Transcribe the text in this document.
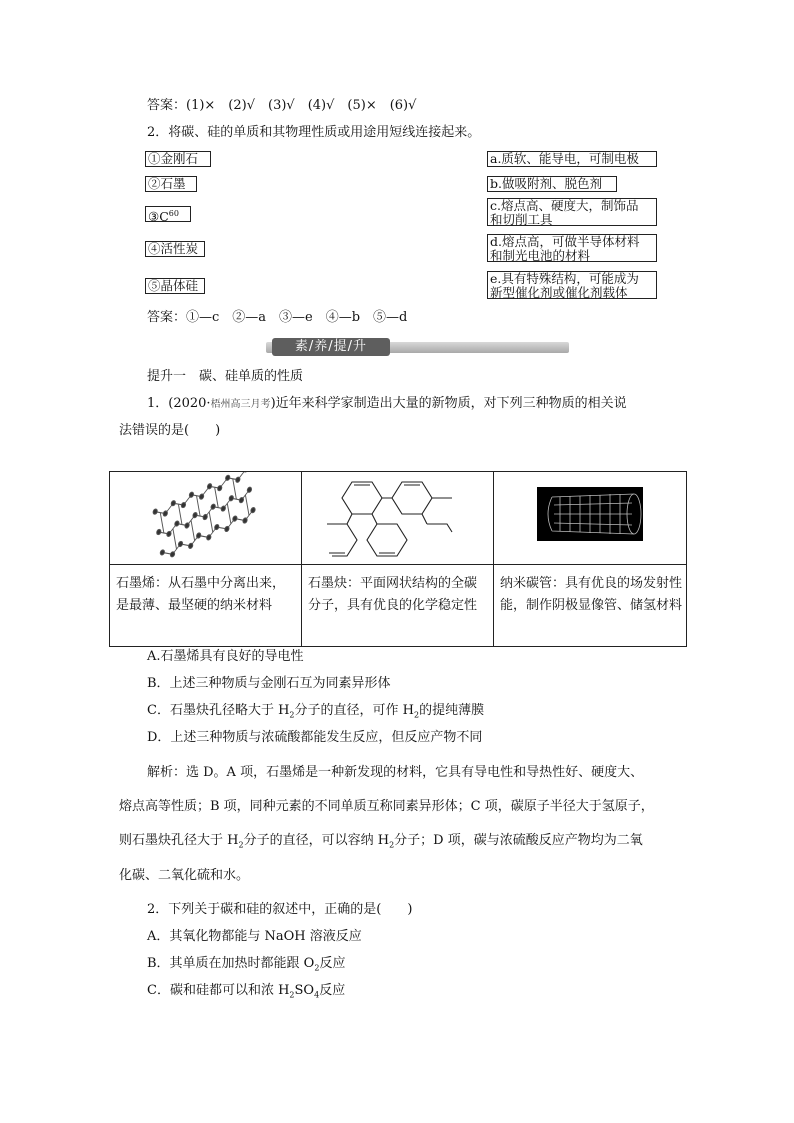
答案：(1)×　(2)√　(3)√　(4)√　(5)×　(6)√
2．将碳、硅的单质和其物理性质或用途用短线连接起来。
①金刚石
②石墨
$③C^{60}$
④活性炭
⑤晶体硅
a.质软、能导电，可制电极
b.做吸附剂、脱色剂
c.熔点高、硬度大，制饰品
和切削工具
d.熔点高，可做半导体材料
和制光电池的材料
e.具有特殊结构，可能成为
新型催化剂或催化剂载体
答案：①—c　②—a　③—e　④—b　⑤—d
素/养/提/升
提升一　碳、硅单质的性质
1．(2020·梧州高三月考)近年来科学家制造出大量的新物质，对下列三种物质的相关说
法错误的是(　　)

石墨烯：从石墨中分离出来，是最薄、最坚硬的纳米材料	石墨炔：平面网状结构的全碳分子，具有优良的化学稳定性	纳米碳管：具有优良的场发射性能，制作阴极显像管、储氢材料
A.石墨烯具有良好的导电性
B．上述三种物质与金刚石互为同素异形体
C．石墨炔孔径略大于 $H_2$分子的直径，可作 $H_2$的提纯薄膜
D．上述三种物质与浓硫酸都能发生反应，但反应产物不同
解析：选 D。A 项，石墨烯是一种新发现的材料，它具有导电性和导热性好、硬度大、
熔点高等性质；B 项，同种元素的不同单质互称同素异形体；C 项，碳原子半径大于氢原子，
则石墨炔孔径大于 $H_2$分子的直径，可以容纳 $H_2$分子；D 项，碳与浓硫酸反应产物均为二氧
化碳、二氧化硫和水。
2．下列关于碳和硅的叙述中，正确的是(　　)
A．其氧化物都能与 NaOH 溶液反应
B．其单质在加热时都能跟 $O_2$反应
C．碳和硅都可以和浓 $H_2SO_4$反应
